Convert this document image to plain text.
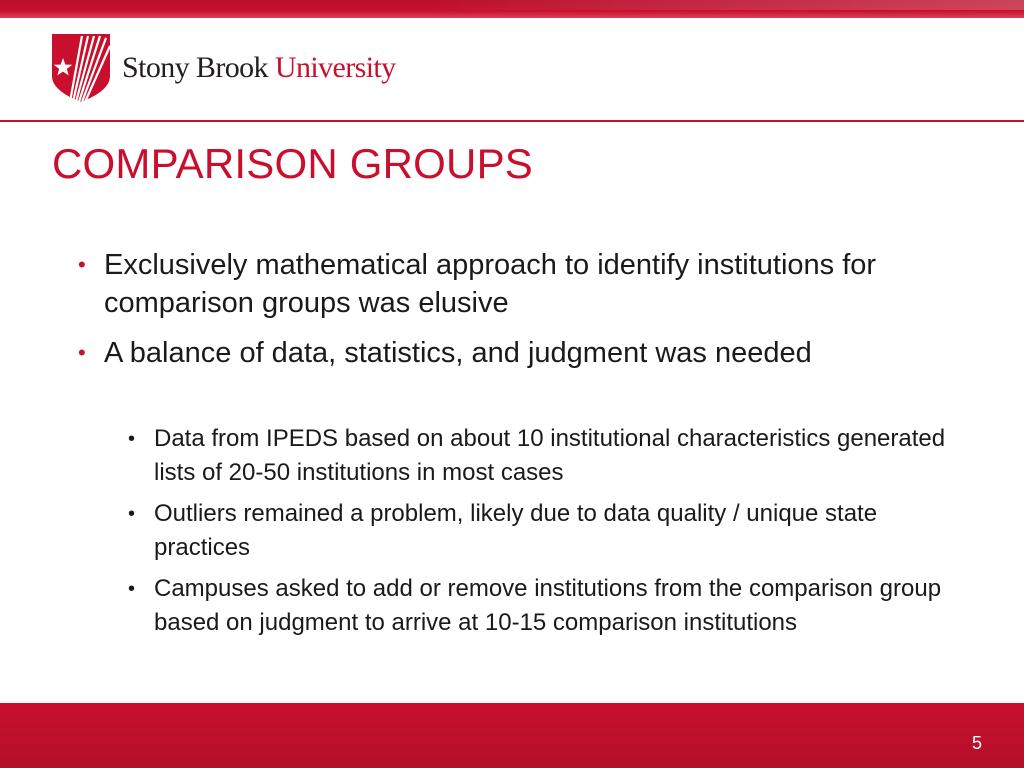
Stony Brook University
COMPARISON GROUPS
• Exclusively mathematical approach to identify institutions for comparison groups was elusive
• A balance of data, statistics, and judgment was needed
• Data from IPEDS based on about 10 institutional characteristics generated lists of 20-50 institutions in most cases
• Outliers remained a problem, likely due to data quality / unique state practices
• Campuses asked to add or remove institutions from the comparison group based on judgment to arrive at 10-15 comparison institutions
5
